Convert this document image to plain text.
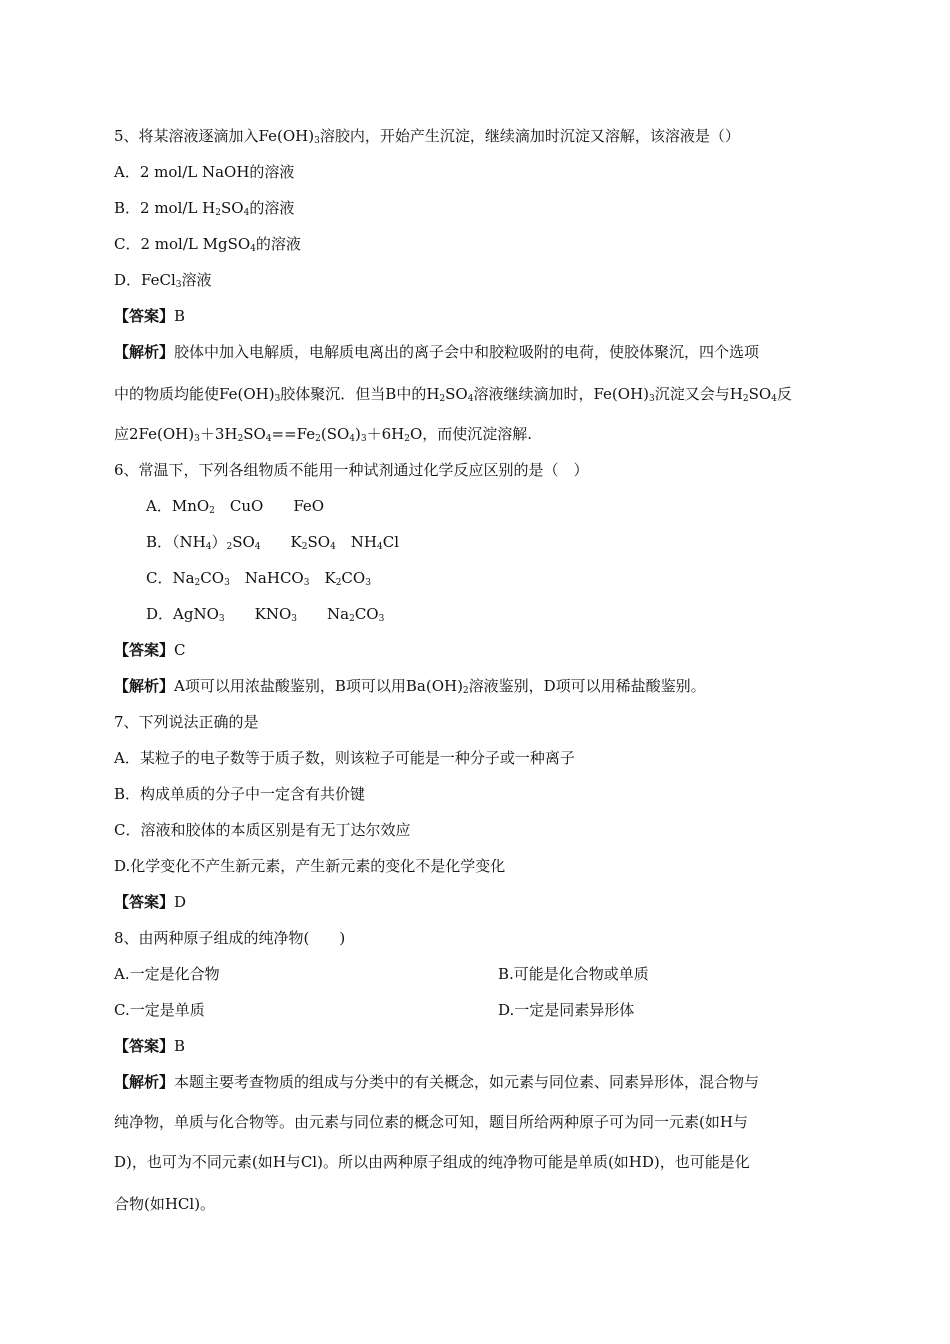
5、将某溶液逐滴加入$Fe(OH)_3$溶胶内，开始产生沉淀，继续滴加时沉淀又溶解，该溶液是（）
A．2 mol/L NaOH的溶液
B．2 mol/L $H_2SO_4$的溶液
C．2 mol/L MgSO$_4$的溶液
D．FeCl$_3$溶液
【答案】B
【解析】胶体中加入电解质，电解质电离出的离子会中和胶粒吸附的电荷，使胶体聚沉，四个选项
中的物质均能使$Fe(OH)_3$胶体聚沉．但当B中的$H_2SO_4$溶液继续滴加时，$Fe(OH)_3$沉淀又会与$H_2SO_4$反
应$2Fe(OH)_3+3H_2SO_4==Fe_2(SO_4)_3+6H_2O$，而使沉淀溶解.
6、常温下，下列各组物质不能用一种试剂通过化学反应区别的是（　）
A．MnO$_2$　CuO　　FeO
B．$(NH_4)_2SO_4$　　$K_2SO_4$　$NH_4Cl$
C．$Na_2CO_3$　NaHCO$_3$　$K_2CO_3$
D．AgNO$_3$　　$KNO_3$　　$Na_2CO_3$
【答案】C
【解析】A项可以用浓盐酸鉴别，B项可以用$Ba(OH)_2$溶液鉴别，D项可以用稀盐酸鉴别。
7、下列说法正确的是
A．某粒子的电子数等于质子数，则该粒子可能是一种分子或一种离子
B．构成单质的分子中一定含有共价键
C．溶液和胶体的本质区别是有无丁达尔效应
D.化学变化不产生新元素，产生新元素的变化不是化学变化
【答案】D
8、由两种原子组成的纯净物(　　)
A.一定是化合物	B.可能是化合物或单质
C.一定是单质	D.一定是同素异形体
【答案】B
【解析】本题主要考查物质的组成与分类中的有关概念，如元素与同位素、同素异形体，混合物与
纯净物，单质与化合物等。由元素与同位素的概念可知，题目所给两种原子可为同一元素(如H与
D)，也可为不同元素(如H与Cl)。所以由两种原子组成的纯净物可能是单质(如HD)，也可能是化
合物(如HCl)。
